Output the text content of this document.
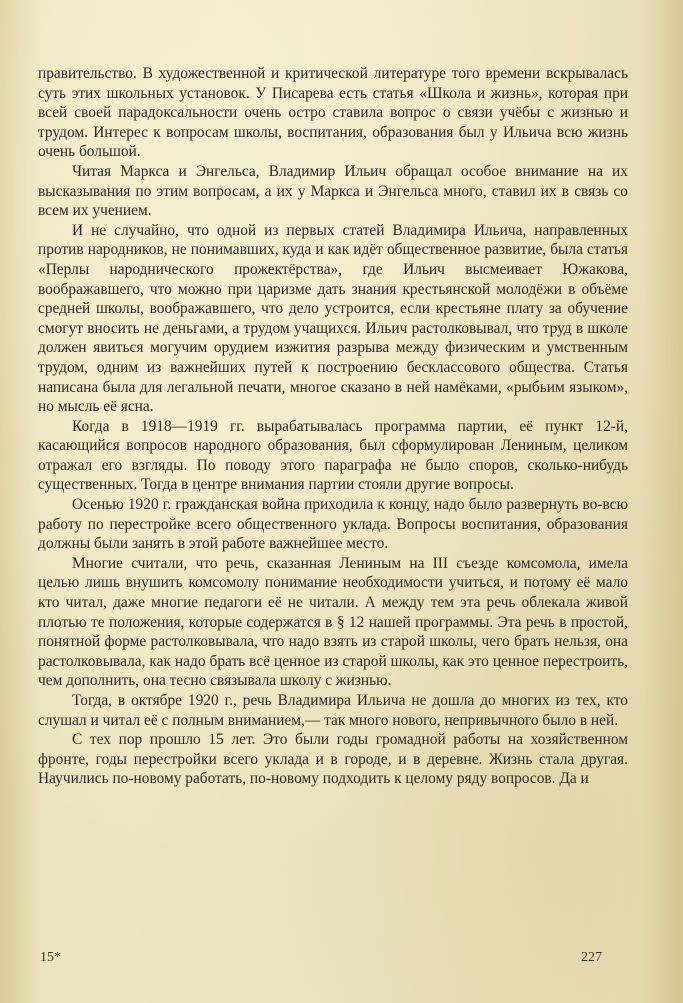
правительство. В художественной и критической литературе того времени вскрывалась суть этих школьных установок. У Писарева есть статья «Школа и жизнь», которая при всей своей парадоксальности очень остро ставила вопрос о связи учёбы с жизнью и трудом. Интерес к вопросам школы, воспитания, образования был у Ильича всю жизнь очень большой.

Читая Маркса и Энгельса, Владимир Ильич обращал особое внимание на их высказывания по этим вопросам, а их у Маркса и Энгельса много, ставил их в связь со всем их учением.

И не случайно, что одной из первых статей Владимира Ильича, направленных против народников, не понимавших, куда и как идёт общественное развитие, была статья «Перлы народнического прожектёрства», где Ильич высмеивает Южакова, воображавшего, что можно при царизме дать знания крестьянской молодёжи в объёме средней школы, воображавшего, что дело устроится, если крестьяне плату за обучение смогут вносить не деньгами, а трудом учащихся. Ильич растолковывал, что труд в школе должен явиться могучим орудием изжития разрыва между физическим и умственным трудом, одним из важнейших путей к построению бесклассового общества. Статья написана была для легальной печати, многое сказано в ней намёками, «рыбьим языком», но мысль её ясна.

Когда в 1918—1919 гг. вырабатывалась программа партии, её пункт 12-й, касающийся вопросов народного образования, был сформулирован Лениным, целиком отражал его взгляды. По поводу этого параграфа не было споров, сколько-нибудь существенных. Тогда в центре внимания партии стояли другие вопросы.

Осенью 1920 г. гражданская война приходила к концу, надо было развернуть во-всю работу по перестройке всего общественного уклада. Вопросы воспитания, образования должны были занять в этой работе важнейшее место.

Многие считали, что речь, сказанная Лениным на III съезде комсомола, имела целью лишь внушить комсомолу понимание необходимости учиться, и потому её мало кто читал, даже многие педагоги её не читали. А между тем эта речь облекала живой плотью те положения, которые содержатся в § 12 нашей программы. Эта речь в простой, понятной форме растолковывала, что надо взять из старой школы, чего брать нельзя, она растолковывала, как надо брать всё ценное из старой школы, как это ценное перестроить, чем дополнить, она тесно связывала школу с жизнью.

Тогда, в октябре 1920 г., речь Владимира Ильича не дошла до многих из тех, кто слушал и читал её с полным вниманием,— так много нового, непривычного было в ней.

С тех пор прошло 15 лет. Это были годы громадной работы на хозяйственном фронте, годы перестройки всего уклада и в городе, и в деревне. Жизнь стала другая. Научились по-новому работать, по-новому подходить к целому ряду вопросов. Да и

15*	227
